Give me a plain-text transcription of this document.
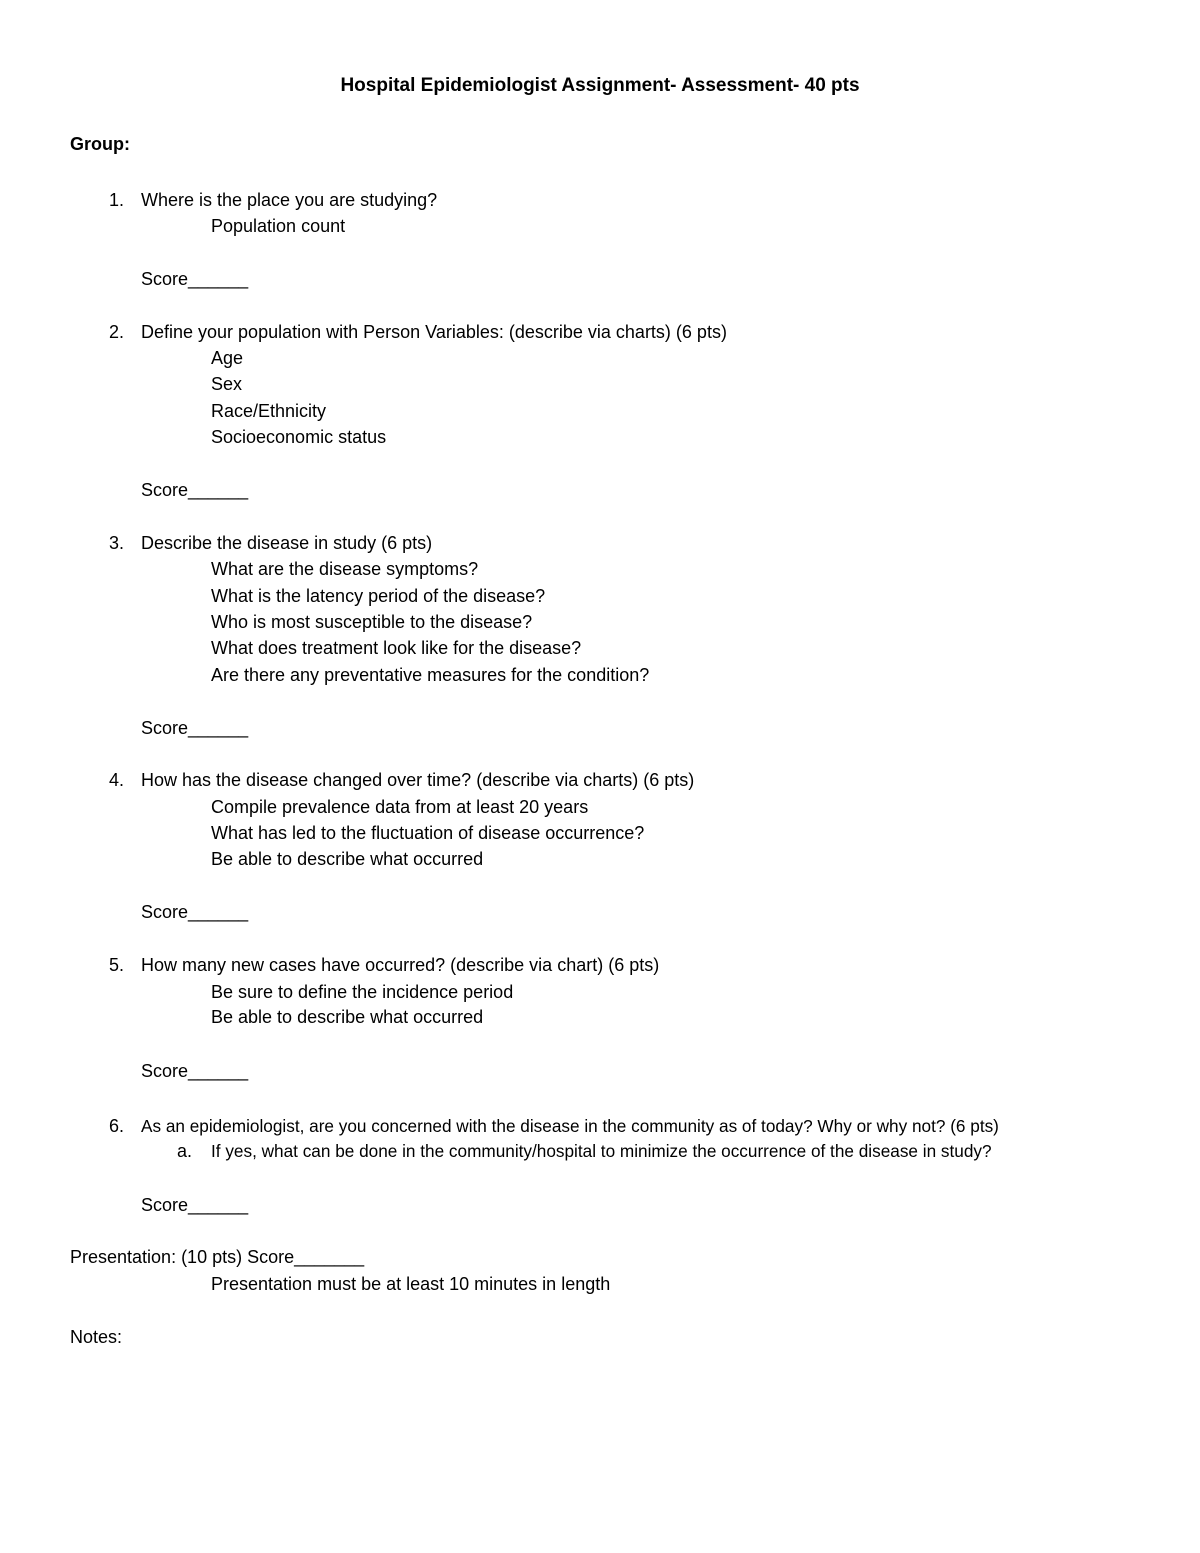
Hospital Epidemiologist Assignment- Assessment- 40 pts
Group:
1. Where is the place you are studying?
Population count
Score______
2. Define your population with Person Variables: (describe via charts) (6 pts)
Age
Sex
Race/Ethnicity
Socioeconomic status
Score______
3. Describe the disease in study (6 pts)
What are the disease symptoms?
What is the latency period of the disease?
Who is most susceptible to the disease?
What does treatment look like for the disease?
Are there any preventative measures for the condition?
Score______
4. How has the disease changed over time? (describe via charts) (6 pts)
Compile prevalence data from at least 20 years
What has led to the fluctuation of disease occurrence?
Be able to describe what occurred
Score______
5. How many new cases have occurred? (describe via chart) (6 pts)
Be sure to define the incidence period
Be able to describe what occurred
Score______
6. As an epidemiologist, are you concerned with the disease in the community as of today? Why or why not? (6 pts)
a. If yes, what can be done in the community/hospital to minimize the occurrence of the disease in study?
Score______
Presentation: (10 pts) Score_______
Presentation must be at least 10 minutes in length
Notes:
